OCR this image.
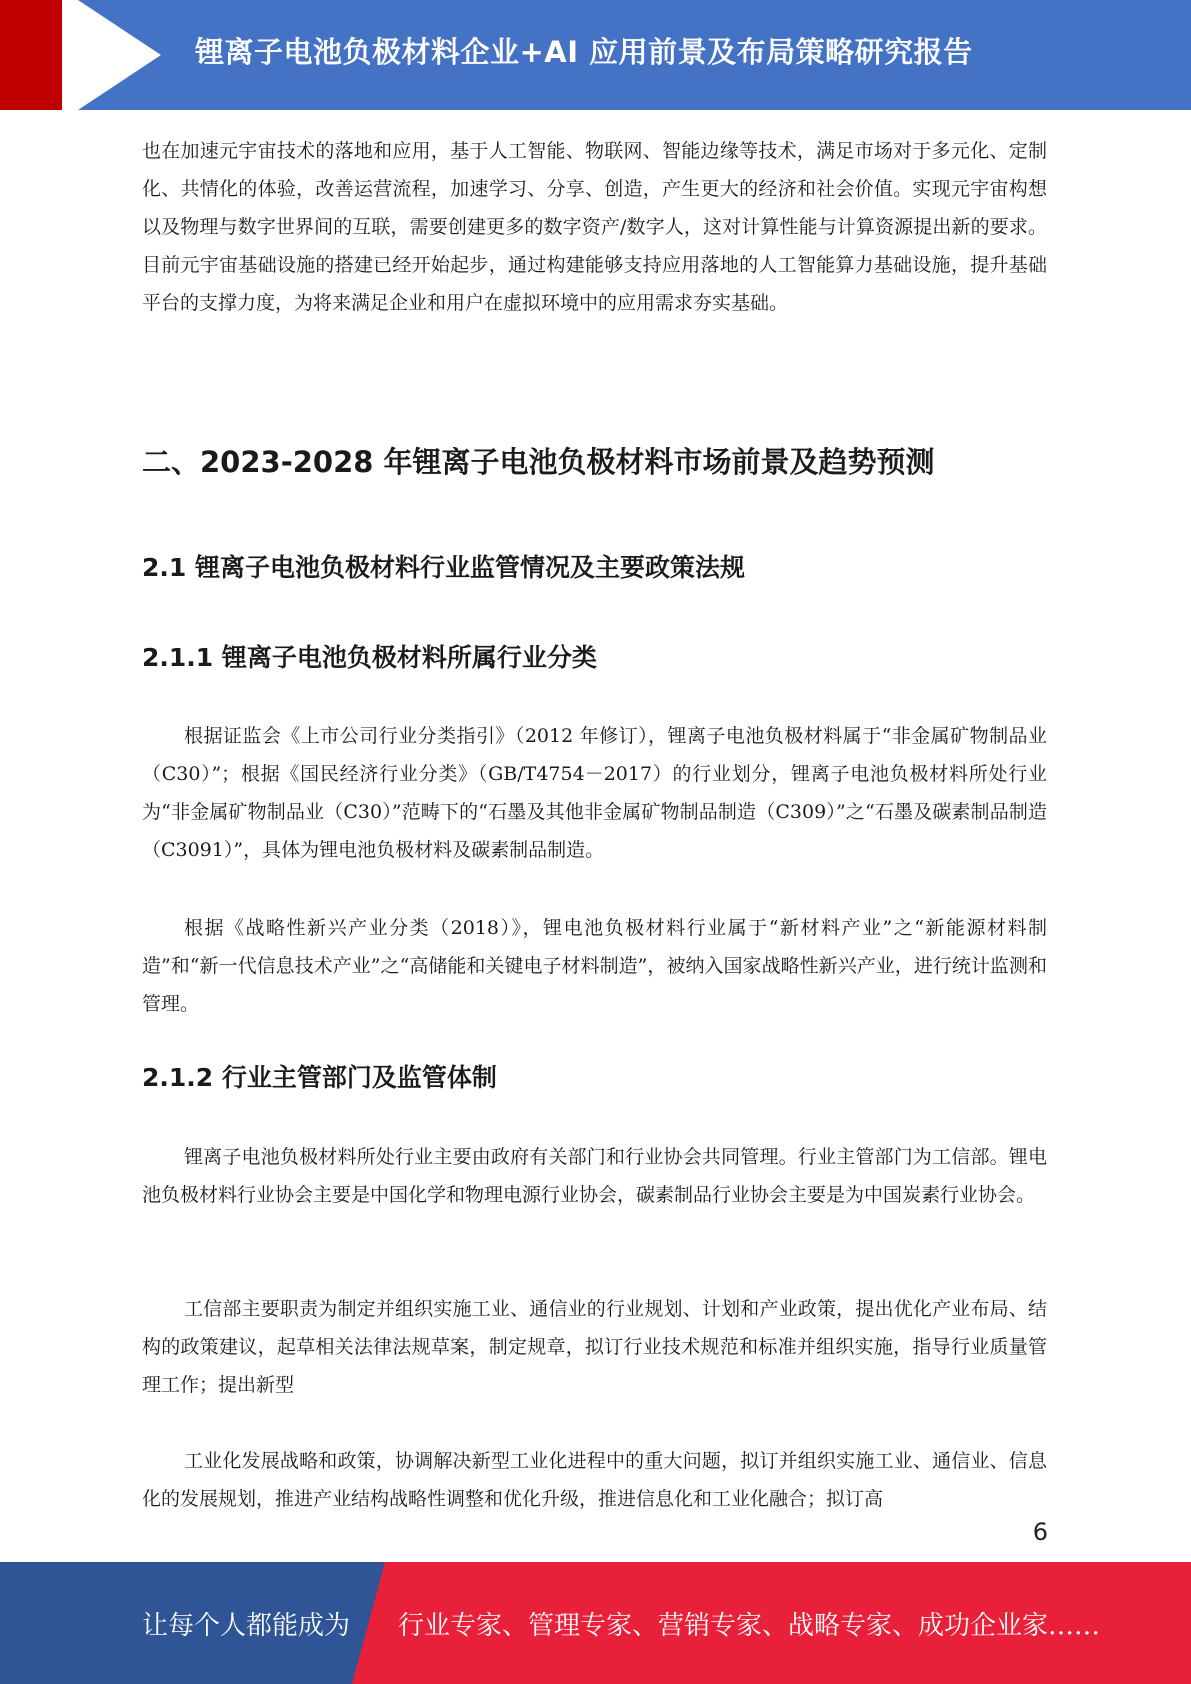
锂离子电池负极材料企业+AI 应用前景及布局策略研究报告

也在加速元宇宙技术的落地和应用，基于人工智能、物联网、智能边缘等技术，满足市场对于多元化、定制化、共情化的体验，改善运营流程，加速学习、分享、创造，产生更大的经济和社会价值。实现元宇宙构想以及物理与数字世界间的互联，需要创建更多的数字资产/数字人，这对计算性能与计算资源提出新的要求。目前元宇宙基础设施的搭建已经开始起步，通过构建能够支持应用落地的人工智能算力基础设施，提升基础平台的支撑力度，为将来满足企业和用户在虚拟环境中的应用需求夯实基础。

二、2023-2028 年锂离子电池负极材料市场前景及趋势预测
2.1 锂离子电池负极材料行业监管情况及主要政策法规
2.1.1 锂离子电池负极材料所属行业分类

根据证监会《上市公司行业分类指引》（2012 年修订），锂离子电池负极材料属于“非金属矿物制品业（C30）”；根据《国民经济行业分类》（GB/T4754－2017）的行业划分，锂离子电池负极材料所处行业为“非金属矿物制品业（C30）”范畴下的“石墨及其他非金属矿物制品制造（C309）”之“石墨及碳素制品制造（C3091）”，具体为锂电池负极材料及碳素制品制造。

根据《战略性新兴产业分类（2018）》，锂电池负极材料行业属于“新材料产业”之“新能源材料制造”和“新一代信息技术产业”之“高储能和关键电子材料制造”，被纳入国家战略性新兴产业，进行统计监测和管理。

2.1.2 行业主管部门及监管体制

锂离子电池负极材料所处行业主要由政府有关部门和行业协会共同管理。行业主管部门为工信部。锂电池负极材料行业协会主要是中国化学和物理电源行业协会，碳素制品行业协会主要是为中国炭素行业协会。

工信部主要职责为制定并组织实施工业、通信业的行业规划、计划和产业政策，提出优化产业布局、结构的政策建议，起草相关法律法规草案，制定规章，拟订行业技术规范和标准并组织实施，指导行业质量管理工作；提出新型

工业化发展战略和政策，协调解决新型工业化进程中的重大问题，拟订并组织实施工业、通信业、信息化的发展规划，推进产业结构战略性调整和优化升级，推进信息化和工业化融合；拟订高

6
让每个人都能成为 行业专家、管理专家、营销专家、战略专家、成功企业家……
